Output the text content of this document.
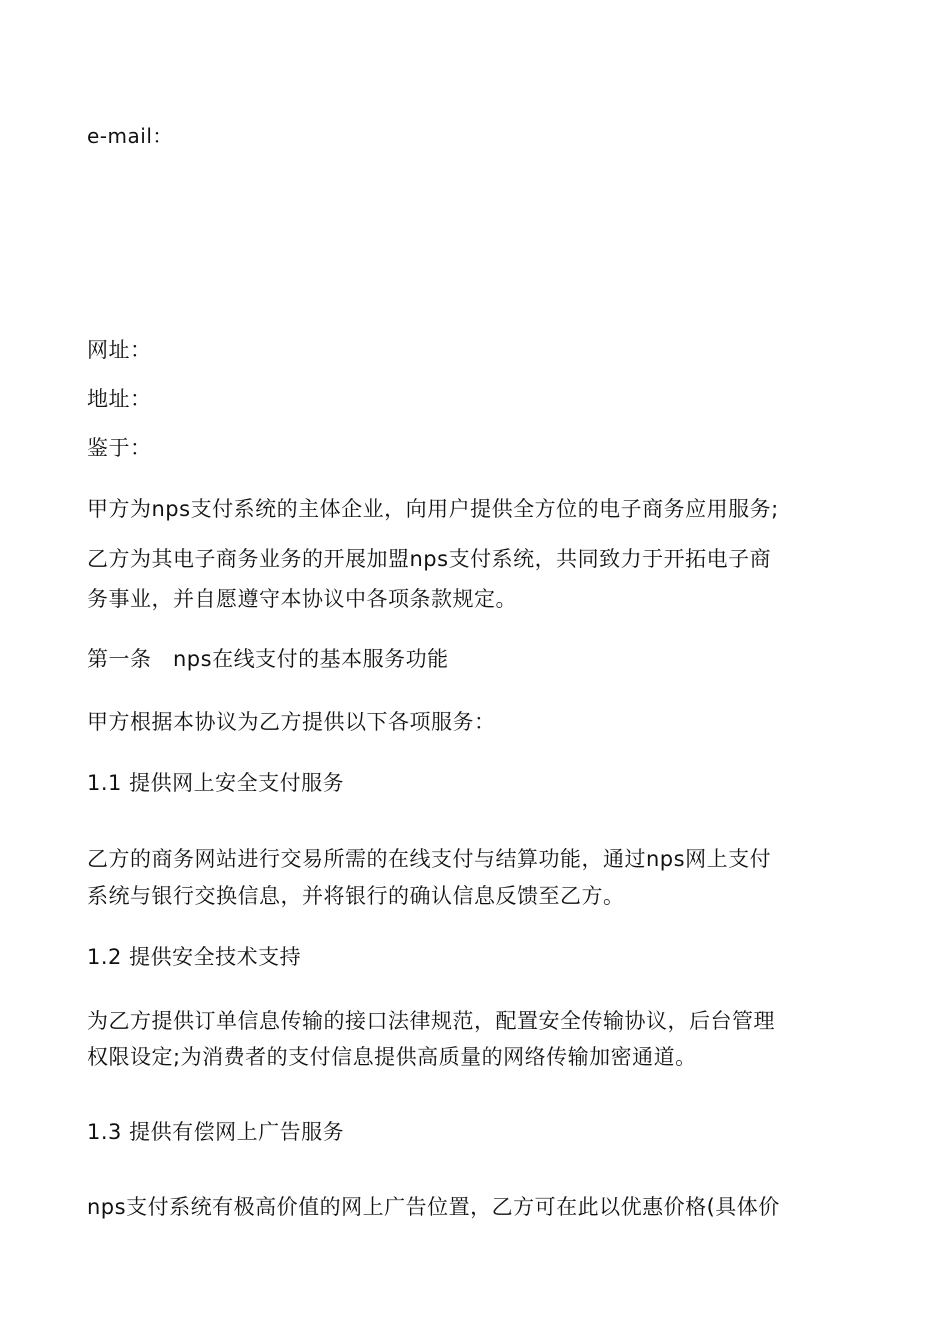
e-mail：
网址：
地址：
鉴于：
甲方为nps支付系统的主体企业，向用户提供全方位的电子商务应用服务;
乙方为其电子商务业务的开展加盟nps支付系统，共同致力于开拓电子商
务事业，并自愿遵守本协议中各项条款规定。
第一条　nps在线支付的基本服务功能
甲方根据本协议为乙方提供以下各项服务：
1.1 提供网上安全支付服务
乙方的商务网站进行交易所需的在线支付与结算功能，通过nps网上支付
系统与银行交换信息，并将银行的确认信息反馈至乙方。
1.2 提供安全技术支持
为乙方提供订单信息传输的接口法律规范，配置安全传输协议，后台管理
权限设定;为消费者的支付信息提供高质量的网络传输加密通道。
1.3 提供有偿网上广告服务
nps支付系统有极高价值的网上广告位置，乙方可在此以优惠价格(具体价
